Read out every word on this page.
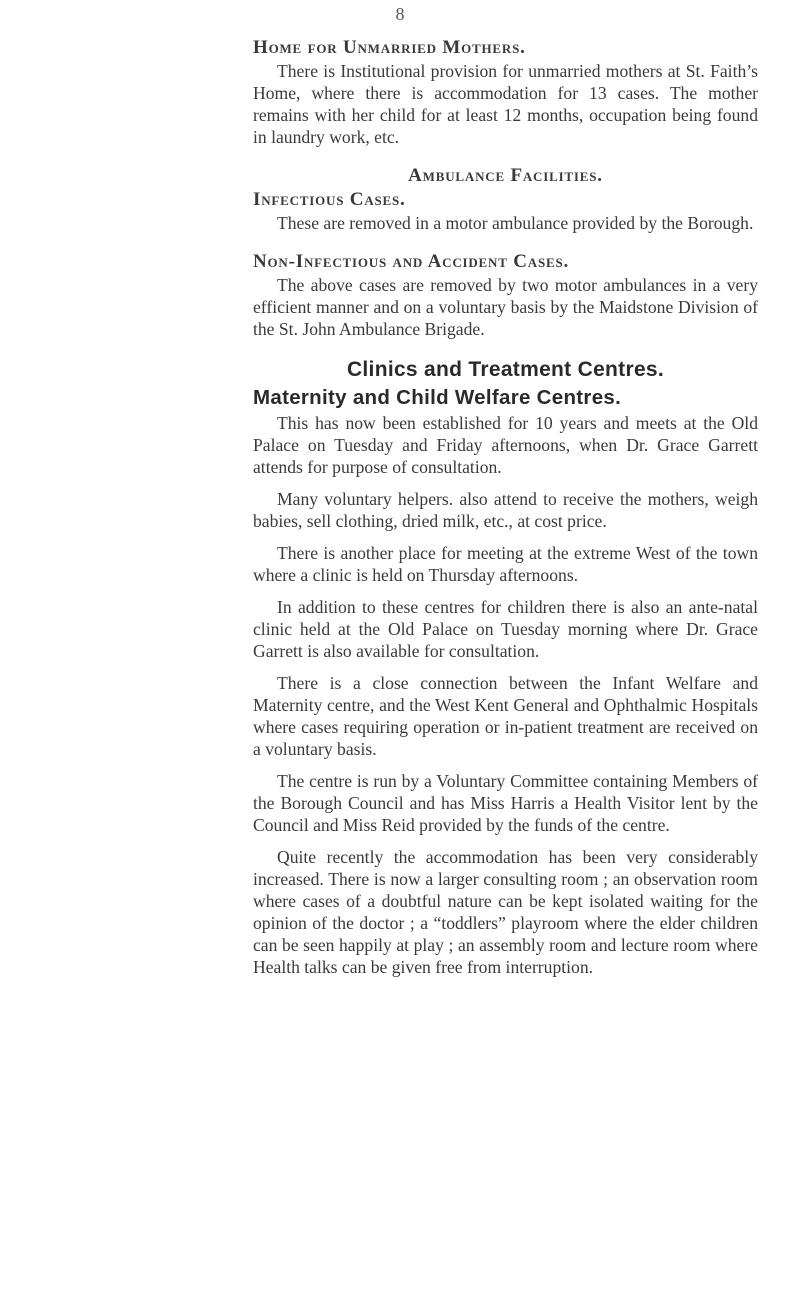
8
Home for Unmarried Mothers.

There is Institutional provision for unmarried mothers at St. Faith’s Home, where there is accommodation for 13 cases. The mother remains with her child for at least 12 months, occupation being found in laundry work, etc.

Ambulance Facilities.
Infectious Cases.

These are removed in a motor ambulance provided by the Borough.

Non-Infectious and Accident Cases.

The above cases are removed by two motor ambulances in a very efficient manner and on a voluntary basis by the Maidstone Division of the St. John Ambulance Brigade.

Clinics and Treatment Centres.
Maternity and Child Welfare Centres.

This has now been established for 10 years and meets at the Old Palace on Tuesday and Friday afternoons, when Dr. Grace Garrett attends for purpose of consultation.

Many voluntary helpers. also attend to receive the mothers, weigh babies, sell clothing, dried milk, etc., at cost price.

There is another place for meeting at the extreme West of the town where a clinic is held on Thursday afternoons.

In addition to these centres for children there is also an ante-natal clinic held at the Old Palace on Tuesday morning where Dr. Grace Garrett is also available for consultation.

There is a close connection between the Infant Welfare and Maternity centre, and the West Kent General and Ophthalmic Hospitals where cases requiring operation or in-patient treatment are received on a voluntary basis.

The centre is run by a Voluntary Committee containing Members of the Borough Council and has Miss Harris a Health Visitor lent by the Council and Miss Reid provided by the funds of the centre.

Quite recently the accommodation has been very considerably increased. There is now a larger consulting room ; an observation room where cases of a doubtful nature can be kept isolated waiting for the opinion of the doctor ; a “toddlers” playroom where the elder children can be seen happily at play ; an assembly room and lecture room where Health talks can be given free from interruption.
